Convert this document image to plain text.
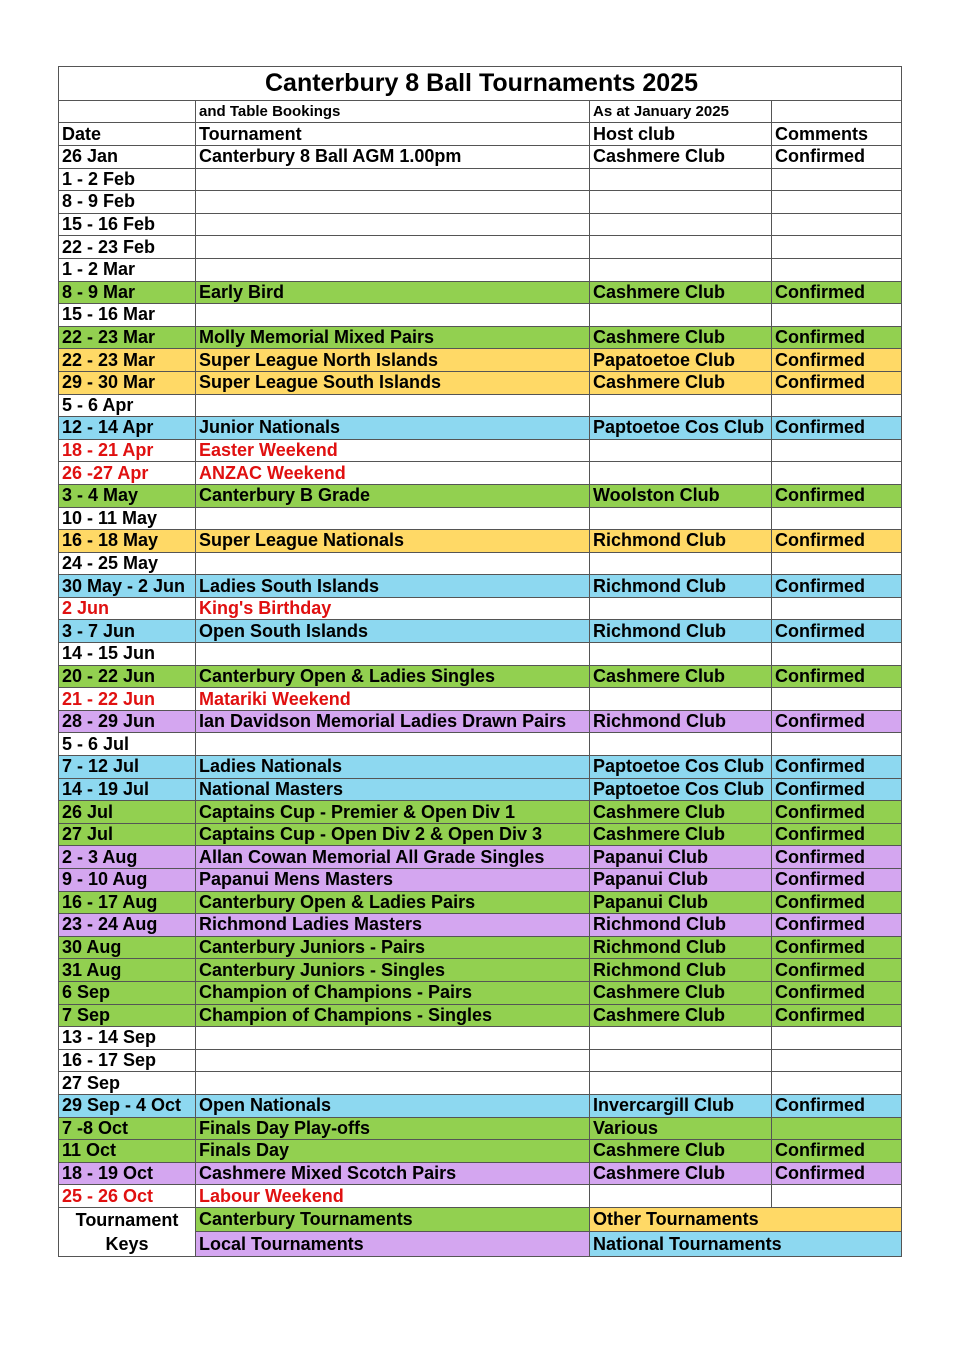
Canterbury 8 Ball Tournaments 2025			
	and Table Bookings	As at January 2025	
Date	Tournament	Host club	Comments
26 Jan	Canterbury 8 Ball AGM 1.00pm	Cashmere Club	Confirmed
1 - 2 Feb			
8 - 9 Feb			
15 - 16 Feb			
22 - 23 Feb			
1 - 2 Mar			
8 - 9 Mar	Early Bird	Cashmere Club	Confirmed
15 - 16 Mar			
22 - 23 Mar	Molly Memorial Mixed Pairs	Cashmere Club	Confirmed
22 - 23 Mar	Super League North Islands	Papatoetoe Club	Confirmed
29 - 30 Mar	Super League South Islands	Cashmere Club	Confirmed
5 - 6 Apr			
12 - 14 Apr	Junior Nationals	Paptoetoe Cos Club	Confirmed
18 - 21 Apr	Easter Weekend		
26 -27 Apr	ANZAC Weekend		
3 - 4 May	Canterbury B Grade	Woolston Club	Confirmed
10 - 11 May			
16 - 18 May	Super League Nationals	Richmond Club	Confirmed
24 - 25 May			
30 May - 2 Jun	Ladies South Islands	Richmond Club	Confirmed
2 Jun	King's Birthday		
3 - 7 Jun	Open South Islands	Richmond Club	Confirmed
14 - 15 Jun			
20 - 22 Jun	Canterbury Open & Ladies Singles	Cashmere Club	Confirmed
21 - 22 Jun	Matariki Weekend		
28 - 29 Jun	Ian Davidson Memorial Ladies Drawn Pairs	Richmond Club	Confirmed
5 - 6 Jul			
7 - 12 Jul	Ladies Nationals	Paptoetoe Cos Club	Confirmed
14 - 19 Jul	National Masters	Paptoetoe Cos Club	Confirmed
26 Jul	Captains Cup - Premier & Open Div 1	Cashmere Club	Confirmed
27 Jul	Captains Cup - Open Div 2 & Open Div 3	Cashmere Club	Confirmed
2 - 3 Aug	Allan Cowan Memorial All Grade Singles	Papanui Club	Confirmed
9 - 10 Aug	Papanui Mens Masters	Papanui Club	Confirmed
16 - 17 Aug	Canterbury Open & Ladies Pairs	Papanui Club	Confirmed
23 - 24 Aug	Richmond Ladies Masters	Richmond Club	Confirmed
30 Aug	Canterbury Juniors - Pairs	Richmond Club	Confirmed
31 Aug	Canterbury Juniors - Singles	Richmond Club	Confirmed
6 Sep	Champion of Champions - Pairs	Cashmere Club	Confirmed
7 Sep	Champion of Champions - Singles	Cashmere Club	Confirmed
13 - 14 Sep			
16 - 17 Sep			
27 Sep			
29 Sep - 4 Oct	Open Nationals	Invercargill Club	Confirmed
7 -8 Oct	Finals Day Play-offs	Various	
11 Oct	Finals Day	Cashmere Club	Confirmed
18 - 19 Oct	Cashmere Mixed Scotch Pairs	Cashmere Club	Confirmed
25 - 26 Oct	Labour Weekend		

Tournament
Keys	Canterbury Tournaments	Other Tournaments	
	Local Tournaments	National Tournaments	
